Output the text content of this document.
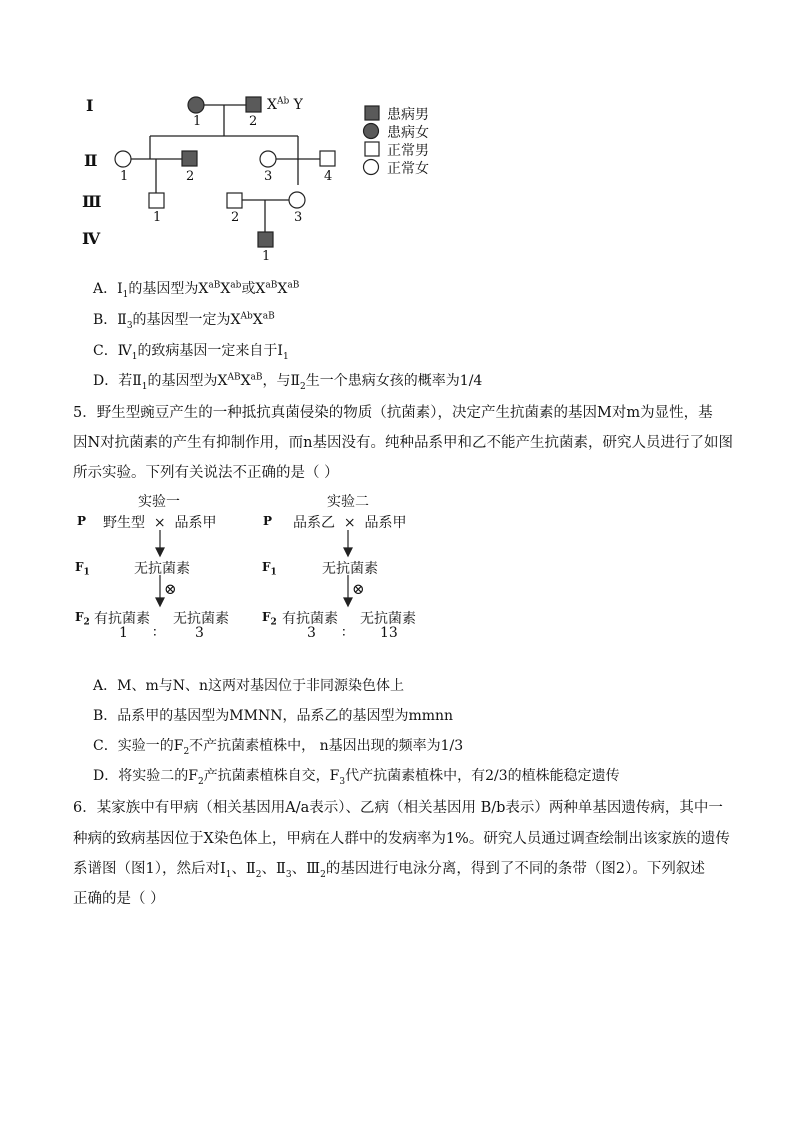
Ⅰ
Ⅱ
Ⅲ
Ⅳ
1	2
1	2	3	4
1	2	3
1
$X^{Ab}$ Y
患病男
患病女
正常男
正常女
A．$Ⅰ_1$的基因型为$X^{aB}X^{ab}$或$X^{aB}X^{aB}$
B．$Ⅱ_3$的基因型一定为$X^{Ab}X^{aB}$
C．$Ⅳ_1$的致病基因一定来自于$Ⅰ_1$
D．若$Ⅱ_1$的基因型为$X^{AB}X^{aB}$，与$Ⅱ_2$生一个患病女孩的概率为1/4
5．野生型豌豆产生的一种抵抗真菌侵染的物质（抗菌素），决定产生抗菌素的基因M对m为显性，基
因N对抗菌素的产生有抑制作用，而n基因没有。纯种品系甲和乙不能产生抗菌素，研究人员进行了如图
所示实验。下列有关说法不正确的是（ ）
实验一
P 野生型  ×  品系甲
$F_1$	无抗菌素
⊗
$F_2$ 有抗菌素 无抗菌素
1 ∶	3
实验二
P 品系乙  ×  品系甲
$F_1$	无抗菌素
⊗
$F_2$ 有抗菌素 无抗菌素
3 ∶ 13
A．M、m与N、n这两对基因位于非同源染色体上
B．品系甲的基因型为MMNN，品系乙的基因型为mmnn
C．实验一的$F_2$不产抗菌素植株中， n基因出现的频率为1/3
D．将实验二的$F_2$产抗菌素植株自交，$F_3$代产抗菌素植株中，有2/3的植株能稳定遗传
6．某家族中有甲病（相关基因用A/a表示）、乙病（相关基因用 B/b表示）两种单基因遗传病，其中一
种病的致病基因位于X染色体上，甲病在人群中的发病率为1%。研究人员通过调查绘制出该家族的遗传
系谱图（图1），然后对$I_1$、$Ⅱ_2$、$Ⅱ_3$、$Ⅲ_2$的基因进行电泳分离，得到了不同的条带（图2）。下列叙述
正确的是（ ）
